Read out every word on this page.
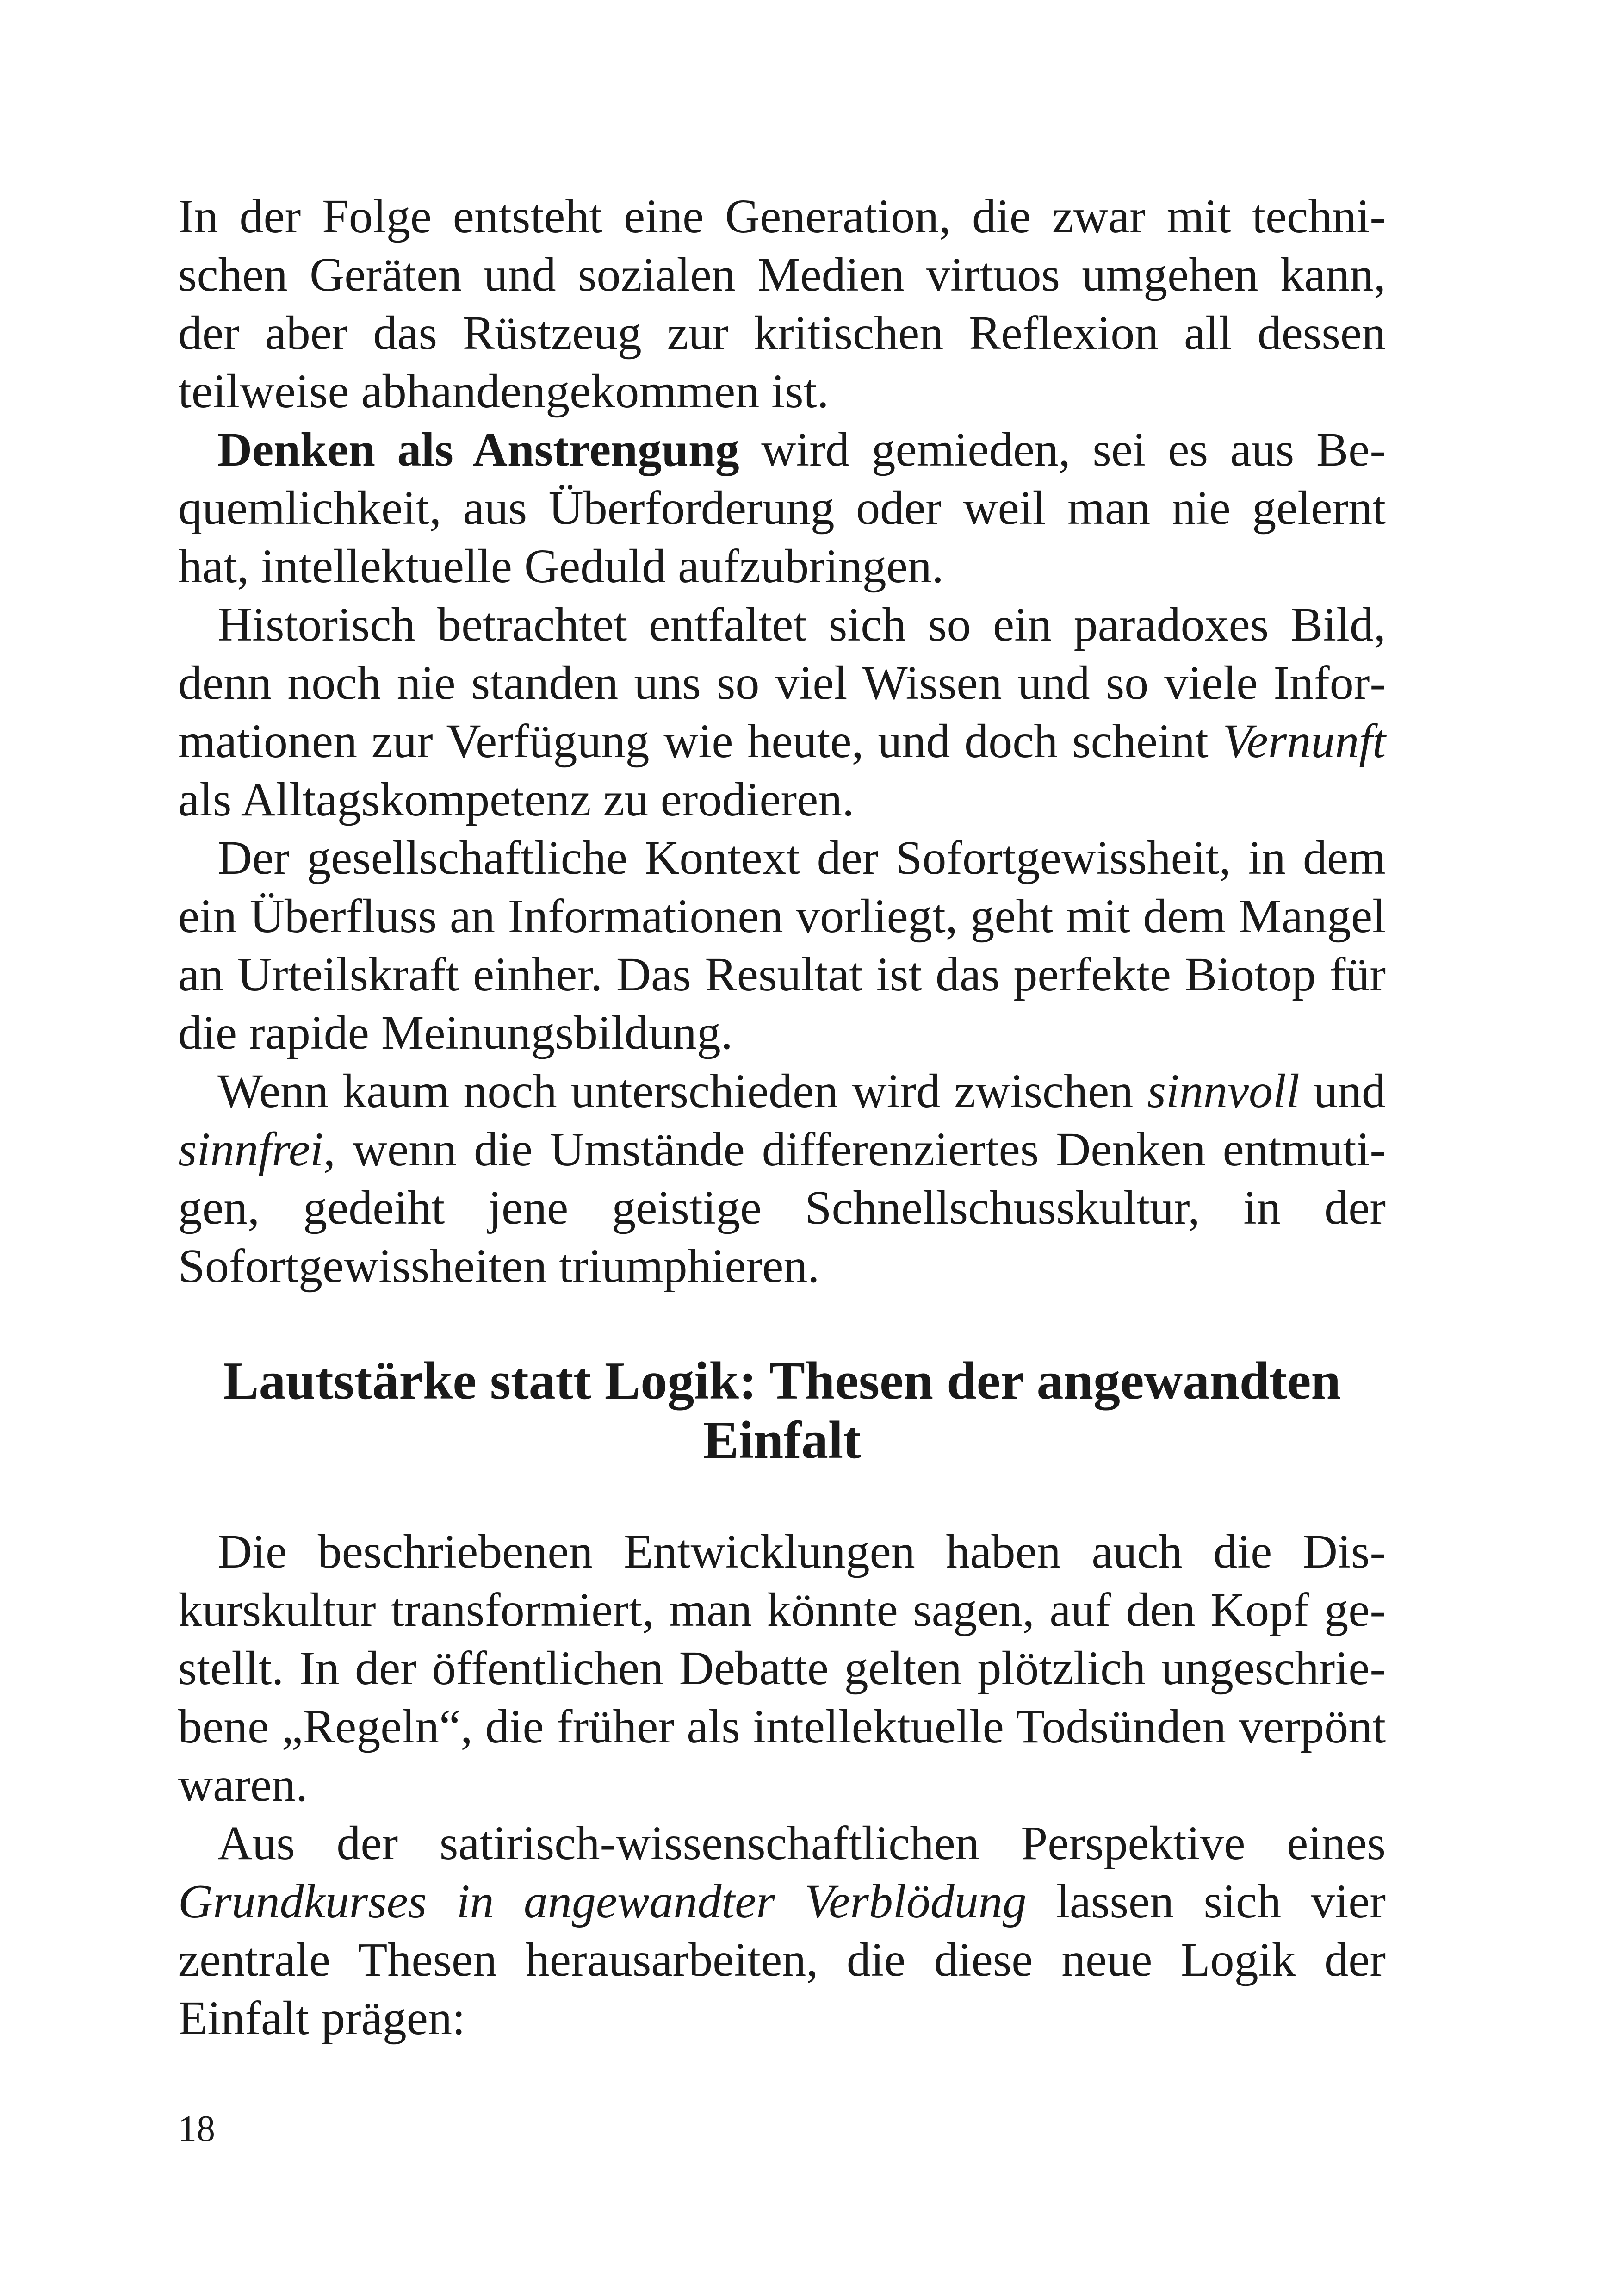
In der Folge entsteht eine Generation, die zwar mit technischen Geräten und sozialen Medien virtuos umgehen kann, der aber das Rüstzeug zur kritischen Reflexion all dessen teilweise abhandengekommen ist.

Denken als Anstrengung wird gemieden, sei es aus Bequemlichkeit, aus Überforderung oder weil man nie gelernt hat, intellektuelle Geduld aufzubringen.

Historisch betrachtet entfaltet sich so ein paradoxes Bild, denn noch nie standen uns so viel Wissen und so viele Informationen zur Verfügung wie heute, und doch scheint Vernunft als Alltagskompetenz zu erodieren.

Der gesellschaftliche Kontext der Sofortgewissheit, in dem ein Überfluss an Informationen vorliegt, geht mit dem Mangel an Urteilskraft einher. Das Resultat ist das perfekte Biotop für die rapide Meinungsbildung.

Wenn kaum noch unterschieden wird zwischen sinnvoll und sinnfrei, wenn die Umstände differenziertes Denken entmutigen, gedeiht jene geistige Schnellschusskultur, in der Sofortgewissheiten triumphieren.

Lautstärke statt Logik: Thesen der angewandten Einfalt

Die beschriebenen Entwicklungen haben auch die Diskurskultur transformiert, man könnte sagen, auf den Kopf gestellt. In der öffentlichen Debatte gelten plötzlich ungeschriebene „Regeln“, die früher als intellektuelle Todsünden verpönt waren.

Aus der satirisch-wissenschaftlichen Perspektive eines Grundkurses in angewandter Verblödung lassen sich vier zentrale Thesen herausarbeiten, die diese neue Logik der Einfalt prägen:

18
